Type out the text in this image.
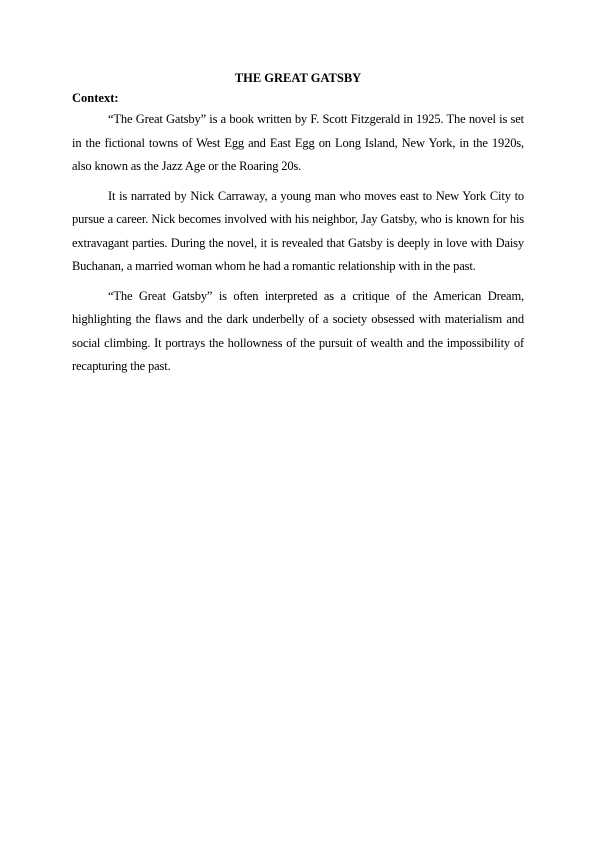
THE GREAT GATSBY
Context:

“The Great Gatsby” is a book written by F. Scott Fitzgerald in 1925. The novel is set in the fictional towns of West Egg and East Egg on Long Island, New York, in the 1920s, also known as the Jazz Age or the Roaring 20s.

It is narrated by Nick Carraway, a young man who moves east to New York City to pursue a career. Nick becomes involved with his neighbor, Jay Gatsby, who is known for his extravagant parties. During the novel, it is revealed that Gatsby is deeply in love with Daisy Buchanan, a married woman whom he had a romantic relationship with in the past.

“The Great Gatsby” is often interpreted as a critique of the American Dream, highlighting the flaws and the dark underbelly of a society obsessed with materialism and social climbing. It portrays the hollowness of the pursuit of wealth and the impossibility of recapturing the past.
